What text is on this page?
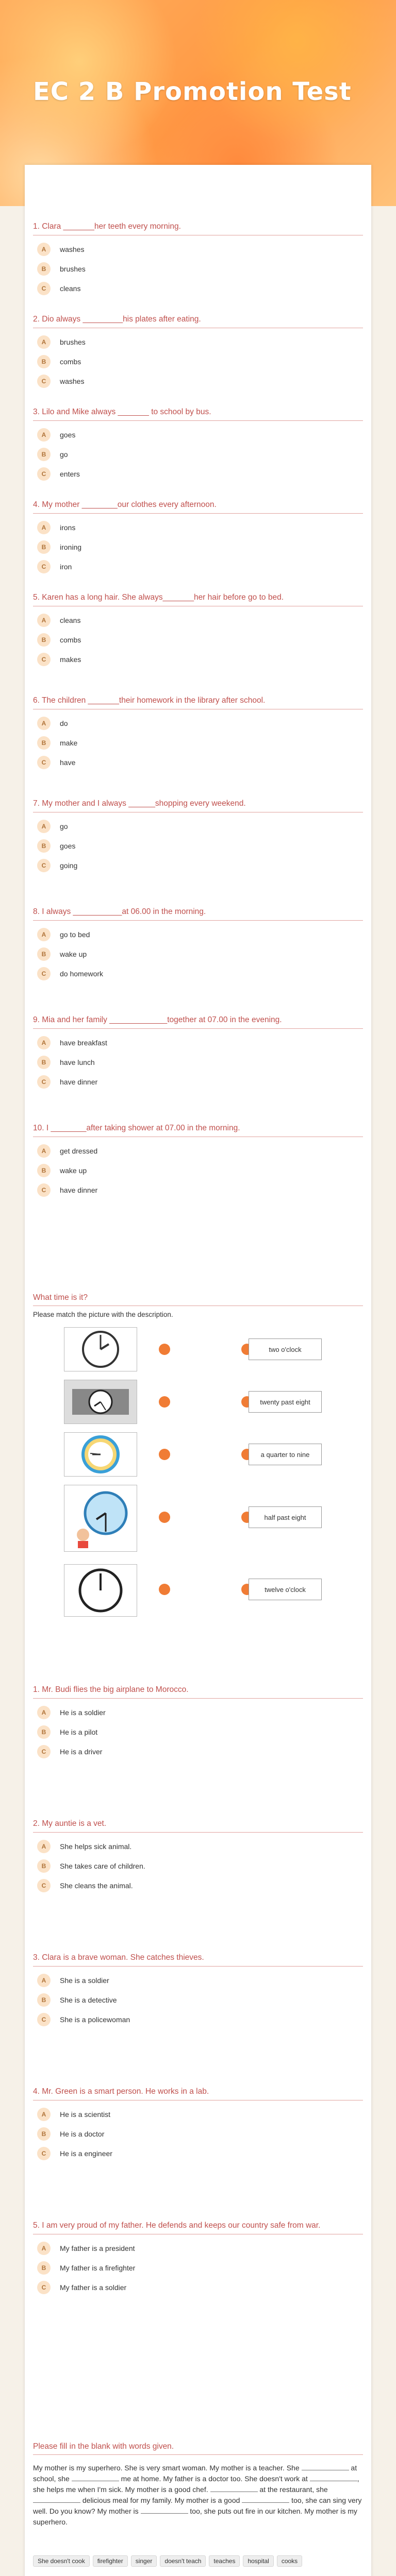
EC 2 B Promotion Test
1. Clara _______her teeth every morning.
A	washes
B	brushes
C	cleans
2. Dio always _________his plates after eating.
A	brushes
B	combs
C	washes
3. Lilo and Mike always _______ to school by bus.
A	goes
B	go
C	enters
4. My mother ________our clothes every afternoon.
A	irons
B	ironing
C	iron
5. Karen has a long hair. She always_______her hair before go to bed.
A	cleans
B	combs
C	makes
6. The children _______their homework in the library after school.
A	do
B	make
C	have
7. My mother and I always ______shopping every weekend.
A	go
B	goes
C	going
8. I always ___________at 06.00 in the morning.
A	go to bed
B	wake up
C	do homework
9. Mia and her family _____________together at 07.00 in the evening.
A	have breakfast
B	have lunch
C	have dinner
10. I ________after taking shower at 07.00 in the morning.
A	get dressed
B	wake up
C	have dinner
What time is it?
Please match the picture with the description.
two o'clock
twenty past eight
a quarter to nine
half past eight
twelve o'clock
1. Mr. Budi flies the big airplane to Morocco.
A	He is a soldier
B	He is a pilot
C	He is a driver
2. My auntie is a vet.
A	She helps sick animal.
B	She takes care of children.
C	She cleans the animal.
3. Clara is a brave woman. She catches thieves.
A	She is a soldier
B	She is a detective
C	She is a policewoman
4. Mr. Green is a smart person. He works in a lab.
A	He is a scientist
B	He is a doctor
C	He is a engineer
5. I am very proud of my father. He defends and keeps our country safe from war.
A	My father is a president
B	My father is a firefighter
C	My father is a soldier
Please fill in the blank with words given.
My mother is my superhero. She is very smart woman. My mother is a teacher. She	at school, she	me at home. My father is a doctor too. She doesn't work at	, she helps me when I'm sick. My mother is a good chef.	at the restaurant, she  delicious meal for my family. My mother is a good	too, she can sing very well. Do you know? My mother is	too, she puts out fire in our kitchen. My mother is my superhero.
She doesn't cook firefighter singer doesn't teach teaches hospital cooks
